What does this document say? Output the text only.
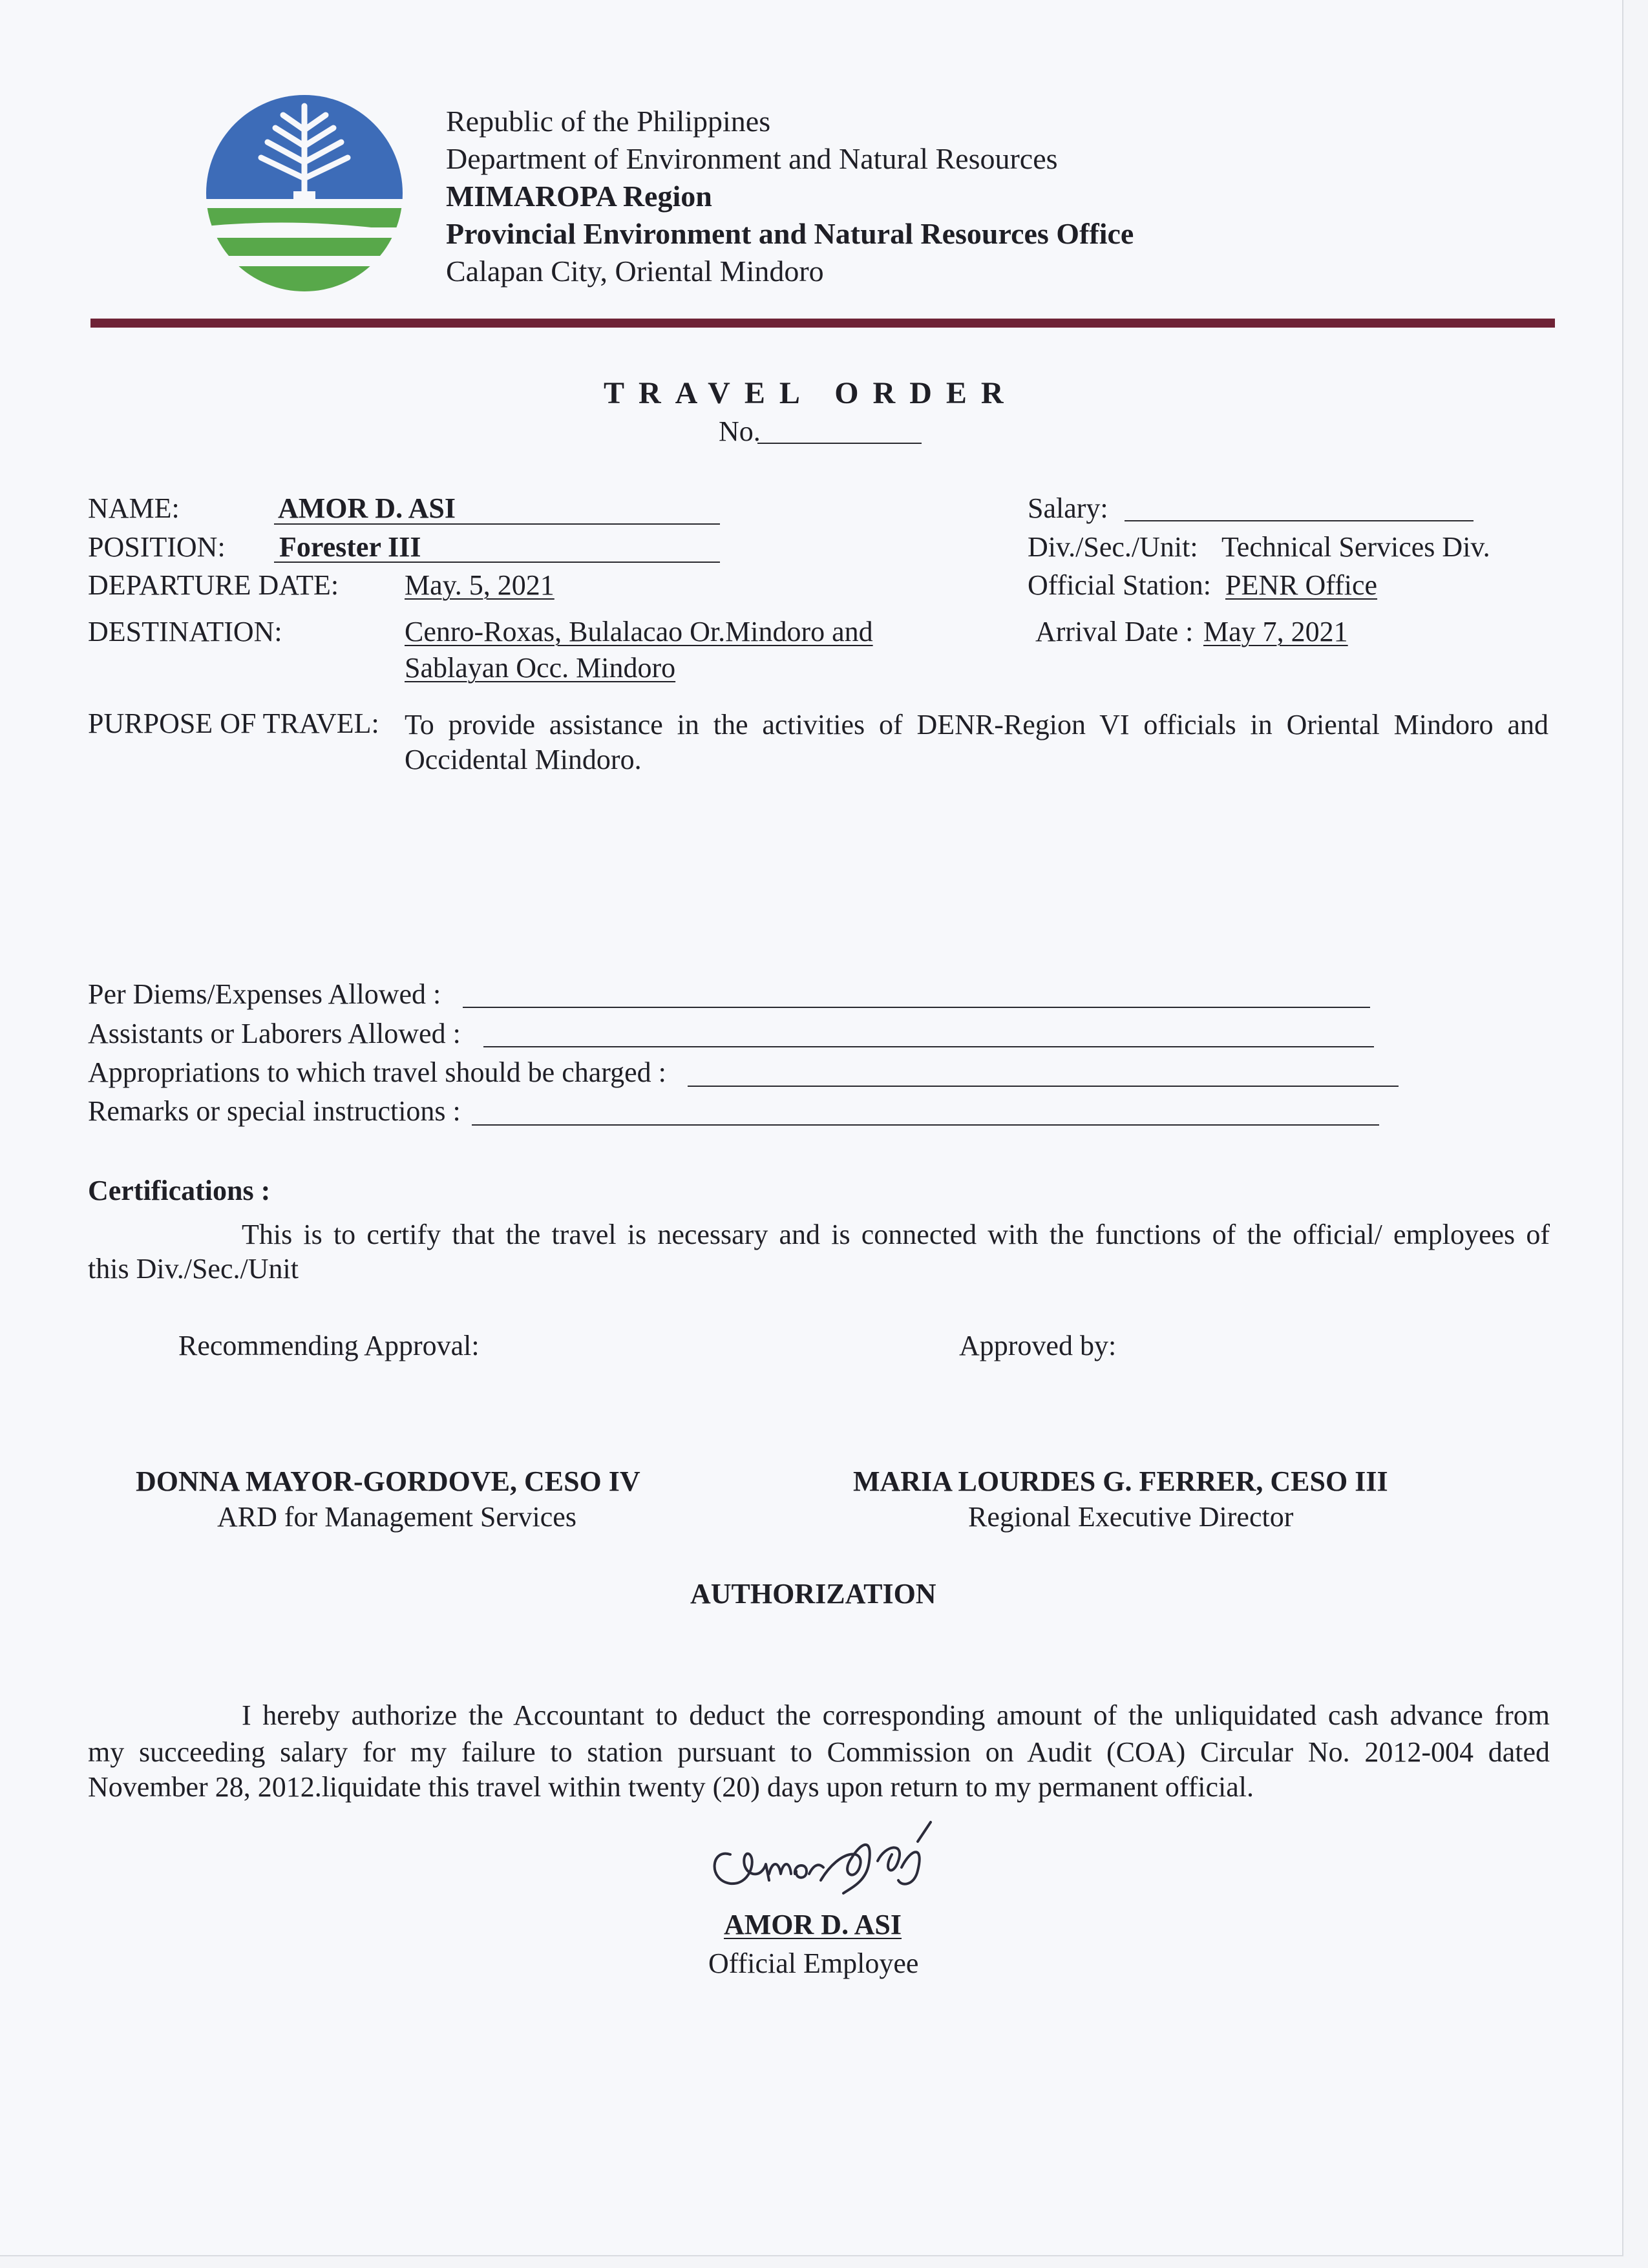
Republic of the Philippines
Department of Environment and Natural Resources
MIMAROPA Region
Provincial Environment and Natural Resources Office
Calapan City, Oriental Mindoro
TRAVEL ORDER
No.
NAME:	AMOR D. ASI
POSITION: Forester III
DEPARTURE DATE: May. 5, 2021
DESTINATION:	Cenro-Roxas, Bulalacao Or.Mindoro and
Sablayan Occ. Mindoro
Salary:
Div./Sec./Unit: Technical Services Div.
Official Station: PENR Office
Arrival Date : May 7, 2021
PURPOSE OF TRAVEL: To provide assistance in the activities of DENR-Region VI officials in Oriental Mindoro and
Occidental Mindoro.
Per Diems/Expenses Allowed :
Assistants or Laborers Allowed :
Appropriations to which travel should be charged :
Remarks or special instructions :
Certifications :
This is to certify that the travel is necessary and is connected with the functions of the official/ employees of
this Div./Sec./Unit
Recommending Approval:	Approved by:
DONNA MAYOR-GORDOVE, CESO IV
ARD for Management Services
MARIA LOURDES G. FERRER, CESO III
Regional Executive Director
AUTHORIZATION
I hereby authorize the Accountant to deduct the corresponding amount of the unliquidated cash advance from
my succeeding salary for my failure to station pursuant to Commission on Audit (COA) Circular No. 2012-004 dated
November 28, 2012.liquidate this travel within twenty (20) days upon return to my permanent official.
AMOR D. ASI
Official Employee
